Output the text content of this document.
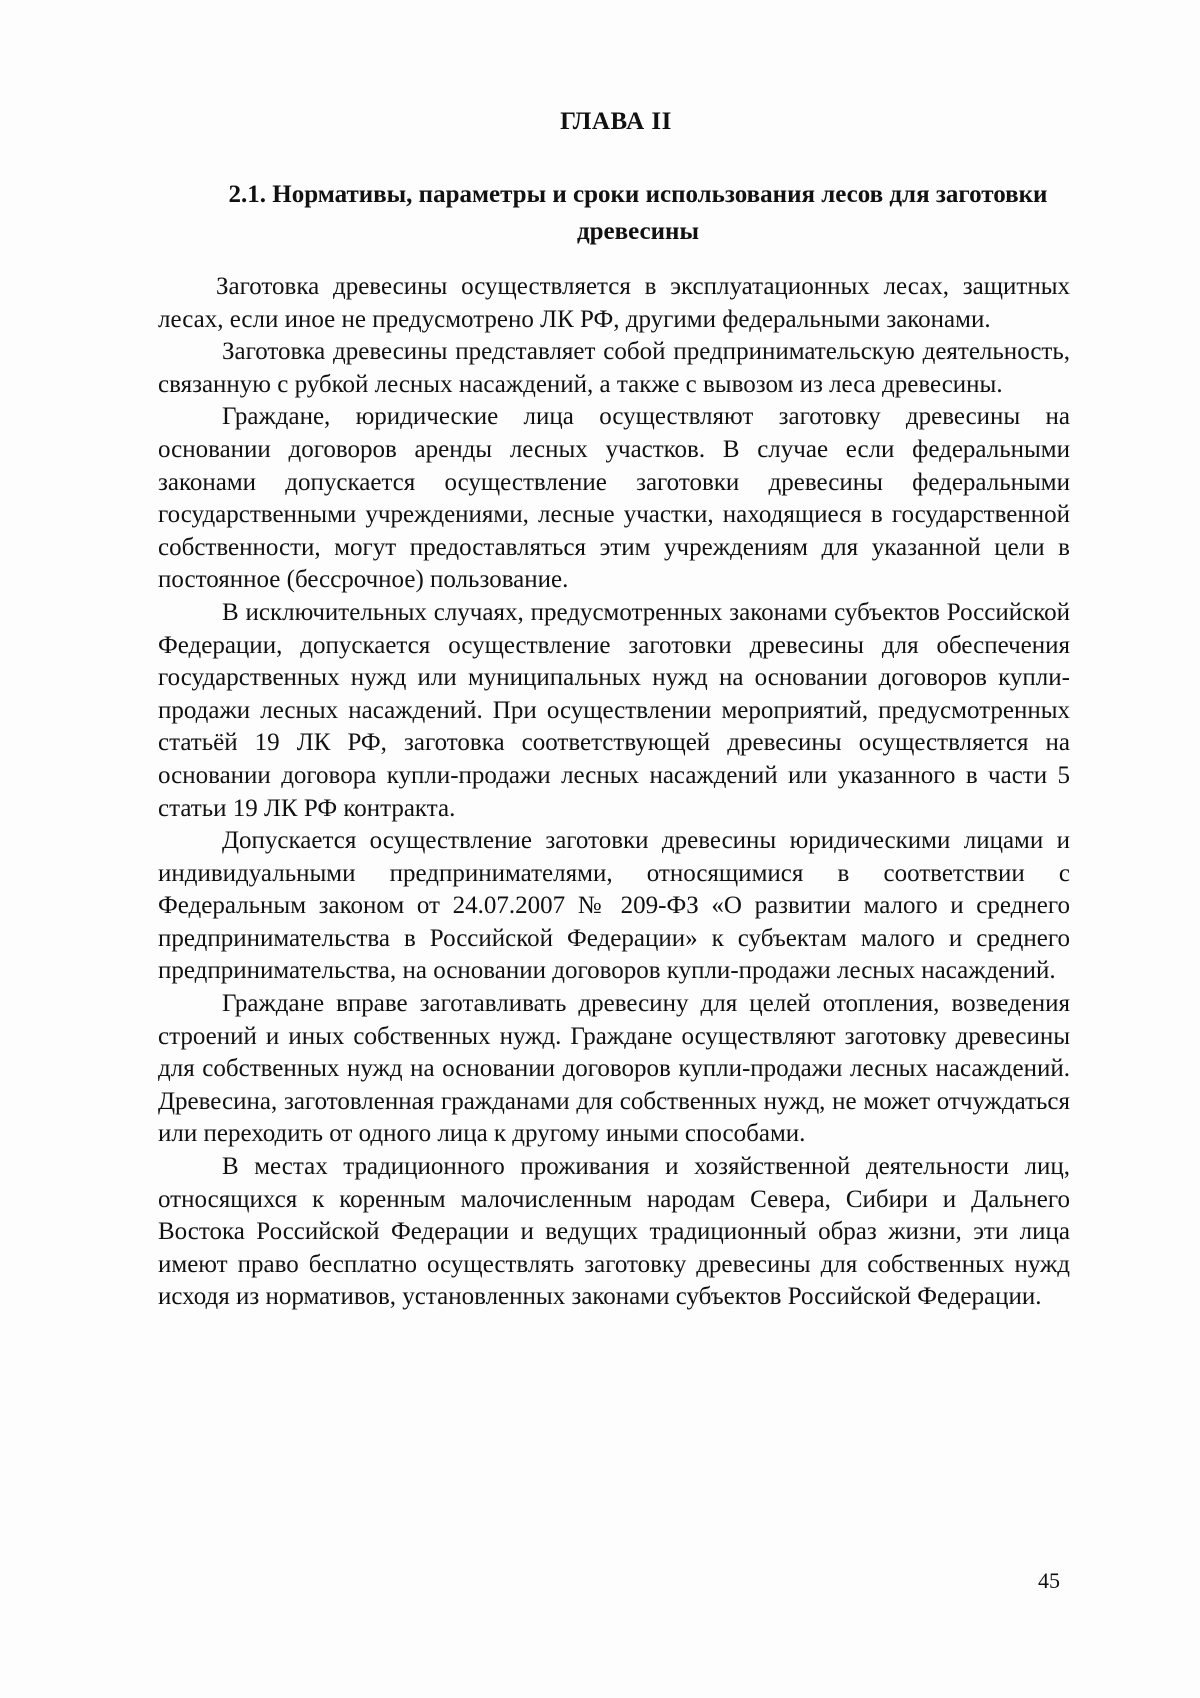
ГЛАВА II
2.1. Нормативы, параметры и сроки использования лесов для заготовки древесины

Заготовка древесины осуществляется в эксплуатационных лесах, защитных лесах, если иное не предусмотрено ЛК РФ, другими федеральными законами.

Заготовка древесины представляет собой предпринимательскую деятельность, связанную с рубкой лесных насаждений, а также с вывозом из леса древесины.

Граждане, юридические лица осуществляют заготовку древесины на основании договоров аренды лесных участков. В случае если федеральными законами допускается осуществление заготовки древесины федеральными государственными учреждениями, лесные участки, находящиеся в государственной собственности, могут предоставляться этим учреждениям для указанной цели в постоянное (бессрочное) пользование.

В исключительных случаях, предусмотренных законами субъектов Российской Федерации, допускается осуществление заготовки древесины для обеспечения государственных нужд или муниципальных нужд на основании договоров купли-продажи лесных насаждений. При осуществлении мероприятий, предусмотренных статьёй 19 ЛК РФ, заготовка соответствующей древесины осуществляется на основании договора купли-продажи лесных насаждений или указанного в части 5 статьи 19 ЛК РФ контракта.

Допускается осуществление заготовки древесины юридическими лицами и индивидуальными предпринимателями, относящимися в соответствии с Федеральным законом от 24.07.2007 № 209-ФЗ «О развитии малого и среднего предпринимательства в Российской Федерации» к субъектам малого и среднего предпринимательства, на основании договоров купли-продажи лесных насаждений.

Граждане вправе заготавливать древесину для целей отопления, возведения строений и иных собственных нужд. Граждане осуществляют заготовку древесины для собственных нужд на основании договоров купли-продажи лесных насаждений. Древесина, заготовленная гражданами для собственных нужд, не может отчуждаться или переходить от одного лица к другому иными способами.

В местах традиционного проживания и хозяйственной деятельности лиц, относящихся к коренным малочисленным народам Севера, Сибири и Дальнего Востока Российской Федерации и ведущих традиционный образ жизни, эти лица имеют право бесплатно осуществлять заготовку древесины для собственных нужд исходя из нормативов, установленных законами субъектов Российской Федерации.

45
